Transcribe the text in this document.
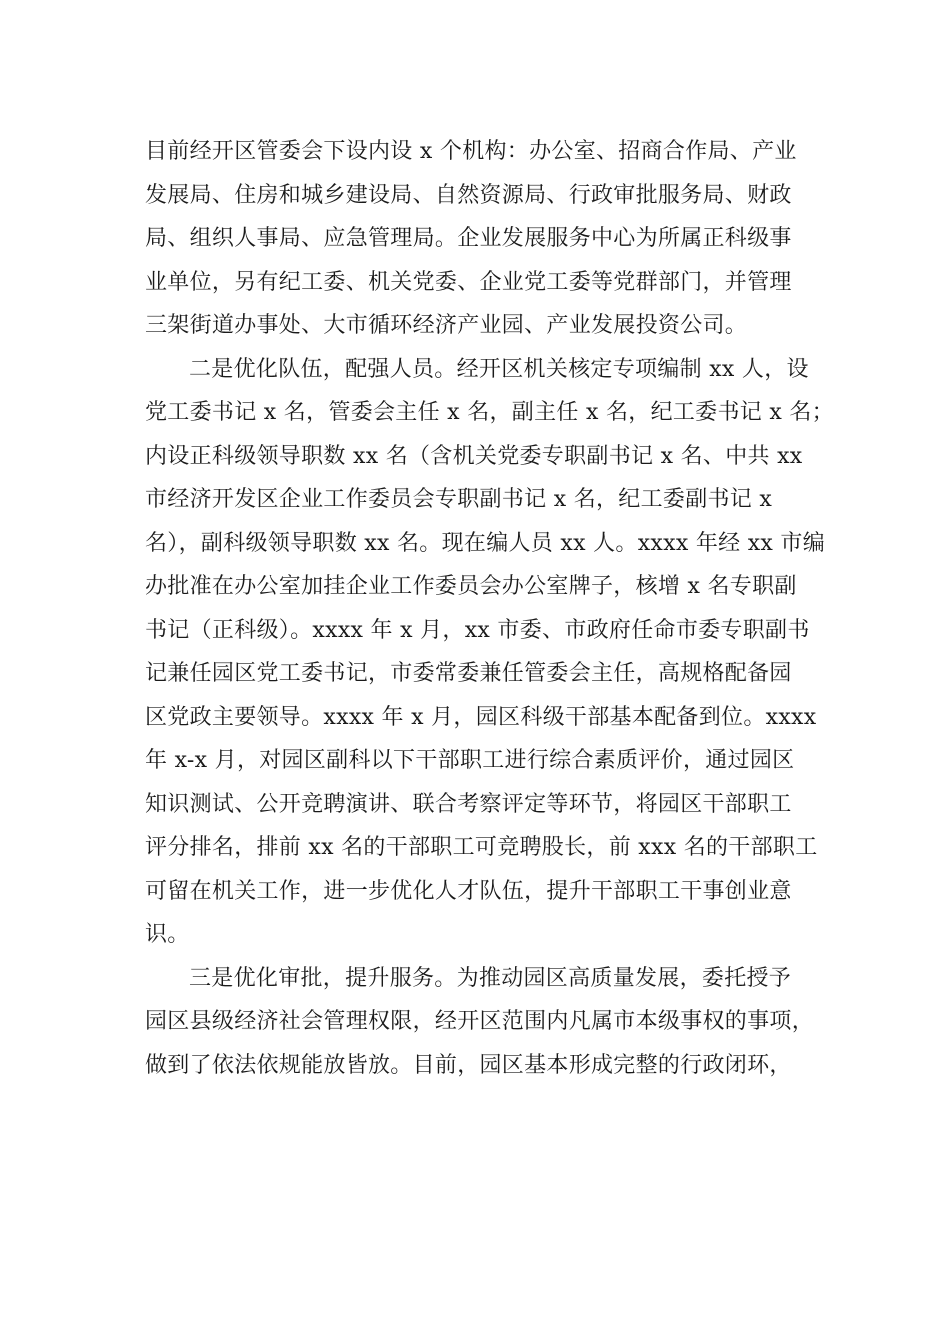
目前经开区管委会下设内设 x 个机构：办公室、招商合作局、产业
发展局、住房和城乡建设局、自然资源局、行政审批服务局、财政
局、组织人事局、应急管理局。企业发展服务中心为所属正科级事
业单位，另有纪工委、机关党委、企业党工委等党群部门，并管理
三架街道办事处、大市循环经济产业园、产业发展投资公司。
二是优化队伍，配强人员。经开区机关核定专项编制 xx 人，设
党工委书记 x 名，管委会主任 x 名，副主任 x 名，纪工委书记 x 名；
内设正科级领导职数 xx 名（含机关党委专职副书记 x 名、中共 xx
市经济开发区企业工作委员会专职副书记 x 名，纪工委副书记 x
名），副科级领导职数 xx 名。现在编人员 xx 人。xxxx 年经 xx 市编
办批准在办公室加挂企业工作委员会办公室牌子，核增 x 名专职副
书记（正科级）。xxxx 年 x 月，xx 市委、市政府任命市委专职副书
记兼任园区党工委书记，市委常委兼任管委会主任，高规格配备园
区党政主要领导。xxxx 年 x 月，园区科级干部基本配备到位。xxxx
年 x-x 月，对园区副科以下干部职工进行综合素质评价，通过园区
知识测试、公开竞聘演讲、联合考察评定等环节，将园区干部职工
评分排名，排前 xx 名的干部职工可竞聘股长，前 xxx 名的干部职工
可留在机关工作，进一步优化人才队伍，提升干部职工干事创业意
识。
三是优化审批，提升服务。为推动园区高质量发展，委托授予
园区县级经济社会管理权限，经开区范围内凡属市本级事权的事项，
做到了依法依规能放皆放。目前，园区基本形成完整的行政闭环，
